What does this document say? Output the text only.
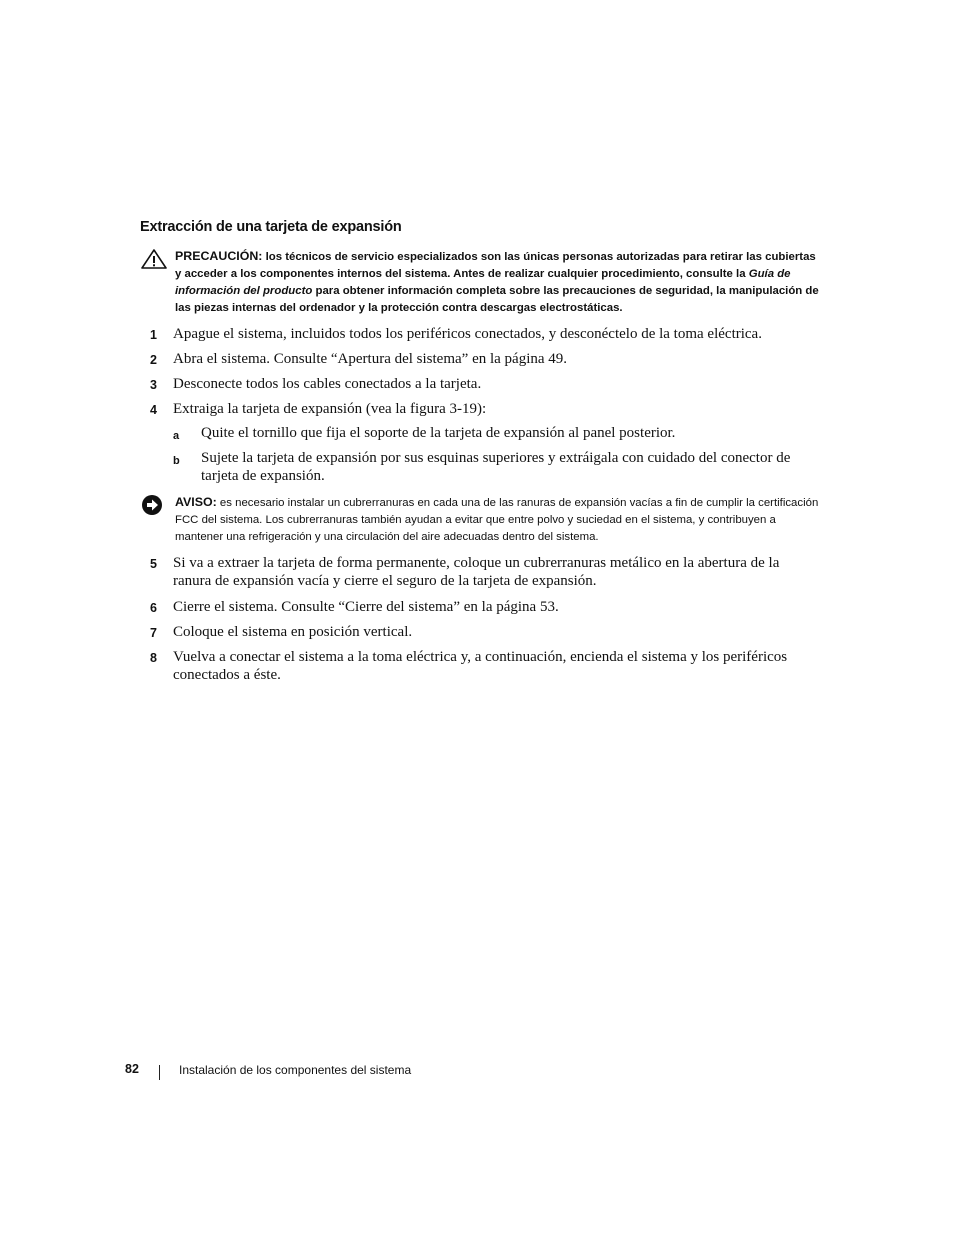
Extracción de una tarjeta de expansión
PRECAUCIÓN: los técnicos de servicio especializados son las únicas personas autorizadas para retirar las cubiertas y acceder a los componentes internos del sistema. Antes de realizar cualquier procedimiento, consulte la Guía de información del producto para obtener información completa sobre las precauciones de seguridad, la manipulación de las piezas internas del ordenador y la protección contra descargas electrostáticas.
1 Apague el sistema, incluidos todos los periféricos conectados, y desconéctelo de la toma eléctrica.
2 Abra el sistema. Consulte “Apertura del sistema” en la página 49.
3 Desconecte todos los cables conectados a la tarjeta.
4 Extraiga la tarjeta de expansión (vea la figura 3-19):
a Quite el tornillo que fija el soporte de la tarjeta de expansión al panel posterior.
b Sujete la tarjeta de expansión por sus esquinas superiores y extráigala con cuidado del conector de tarjeta de expansión.
AVISO: es necesario instalar un cubrerranuras en cada una de las ranuras de expansión vacías a fin de cumplir la certificación FCC del sistema. Los cubrerranuras también ayudan a evitar que entre polvo y suciedad en el sistema, y contribuyen a mantener una refrigeración y una circulación del aire adecuadas dentro del sistema.
5 Si va a extraer la tarjeta de forma permanente, coloque un cubrerranuras metálico en la abertura de la ranura de expansión vacía y cierre el seguro de la tarjeta de expansión.
6 Cierre el sistema. Consulte “Cierre del sistema” en la página 53.
7 Coloque el sistema en posición vertical.
8 Vuelva a conectar el sistema a la toma eléctrica y, a continuación, encienda el sistema y los periféricos conectados a éste.
82	Instalación de los componentes del sistema
